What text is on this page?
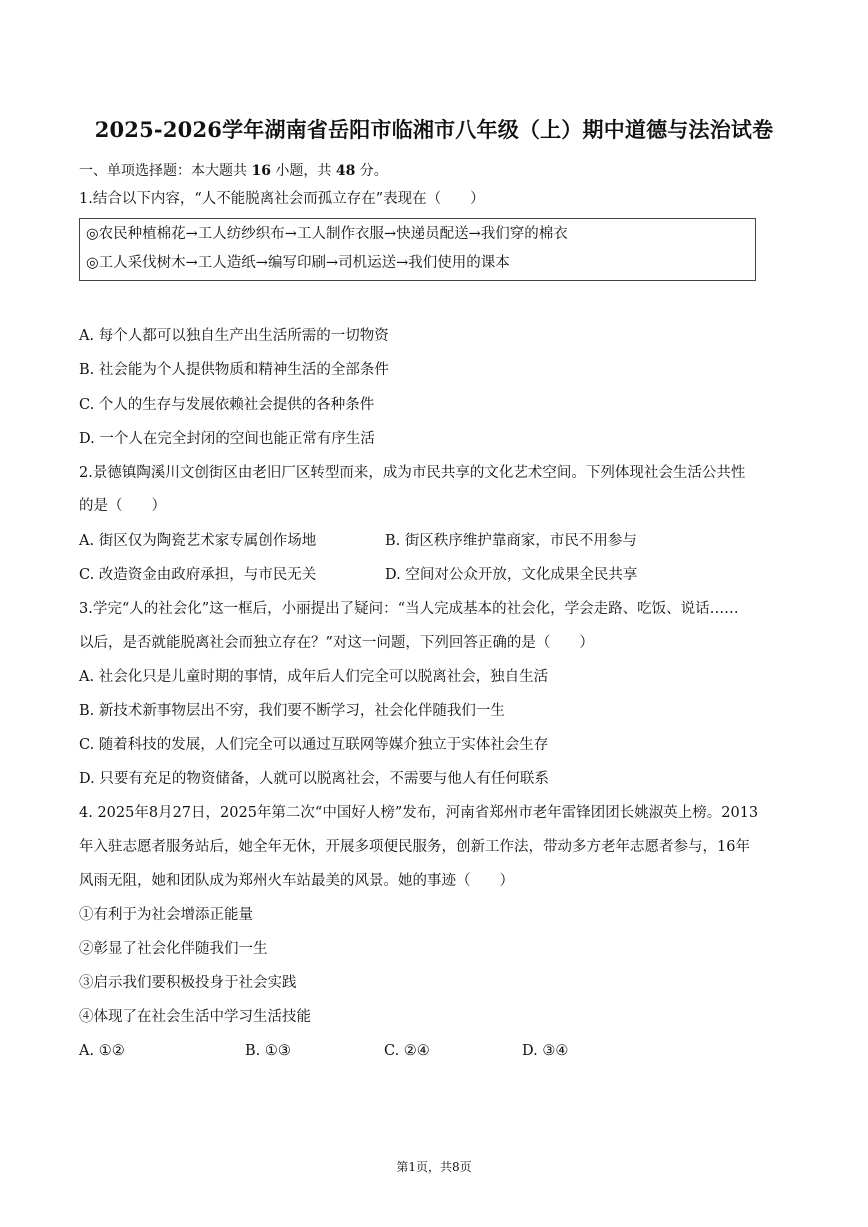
2025-2026学年湖南省岳阳市临湘市八年级（上）期中道德与法治试卷
一、单项选择题：本大题共 16 小题，共 48 分。
1.结合以下内容，“人不能脱离社会而孤立存在”表现在（　　）
◎农民种植棉花→工人纺纱织布→工人制作衣服→快递员配送→我们穿的棉衣
◎工人采伐树木→工人造纸→编写印刷→司机运送→我们使用的课本
A. 每个人都可以独自生产出生活所需的一切物资
B. 社会能为个人提供物质和精神生活的全部条件
C. 个人的生存与发展依赖社会提供的各种条件
D. 一个人在完全封闭的空间也能正常有序生活
2.景德镇陶溪川文创街区由老旧厂区转型而来，成为市民共享的文化艺术空间。下列体现社会生活公共性
的是（　　）
A. 街区仅为陶瓷艺术家专属创作场地	B. 街区秩序维护靠商家，市民不用参与
C. 改造资金由政府承担，与市民无关	D. 空间对公众开放，文化成果全民共享
3.学完“人的社会化”这一框后，小丽提出了疑问：“当人完成基本的社会化，学会走路、吃饭、说话……
以后，是否就能脱离社会而独立存在？”对这一问题，下列回答正确的是（　　）
A. 社会化只是儿童时期的事情，成年后人们完全可以脱离社会，独自生活
B. 新技术新事物层出不穷，我们要不断学习，社会化伴随我们一生
C. 随着科技的发展，人们完全可以通过互联网等媒介独立于实体社会生存
D. 只要有充足的物资储备，人就可以脱离社会，不需要与他人有任何联系
4. 2025年8月27日，2025年第二次“中国好人榜”发布，河南省郑州市老年雷锋团团长姚淑英上榜。2013
年入驻志愿者服务站后，她全年无休，开展多项便民服务，创新工作法，带动多方老年志愿者参与，16年
风雨无阻，她和团队成为郑州火车站最美的风景。她的事迹（　　）
①有利于为社会增添正能量
②彰显了社会化伴随我们一生
③启示我们要积极投身于社会实践
④体现了在社会生活中学习生活技能
A. ①②	B. ①③	C. ②④	D. ③④
第1页，共8页
